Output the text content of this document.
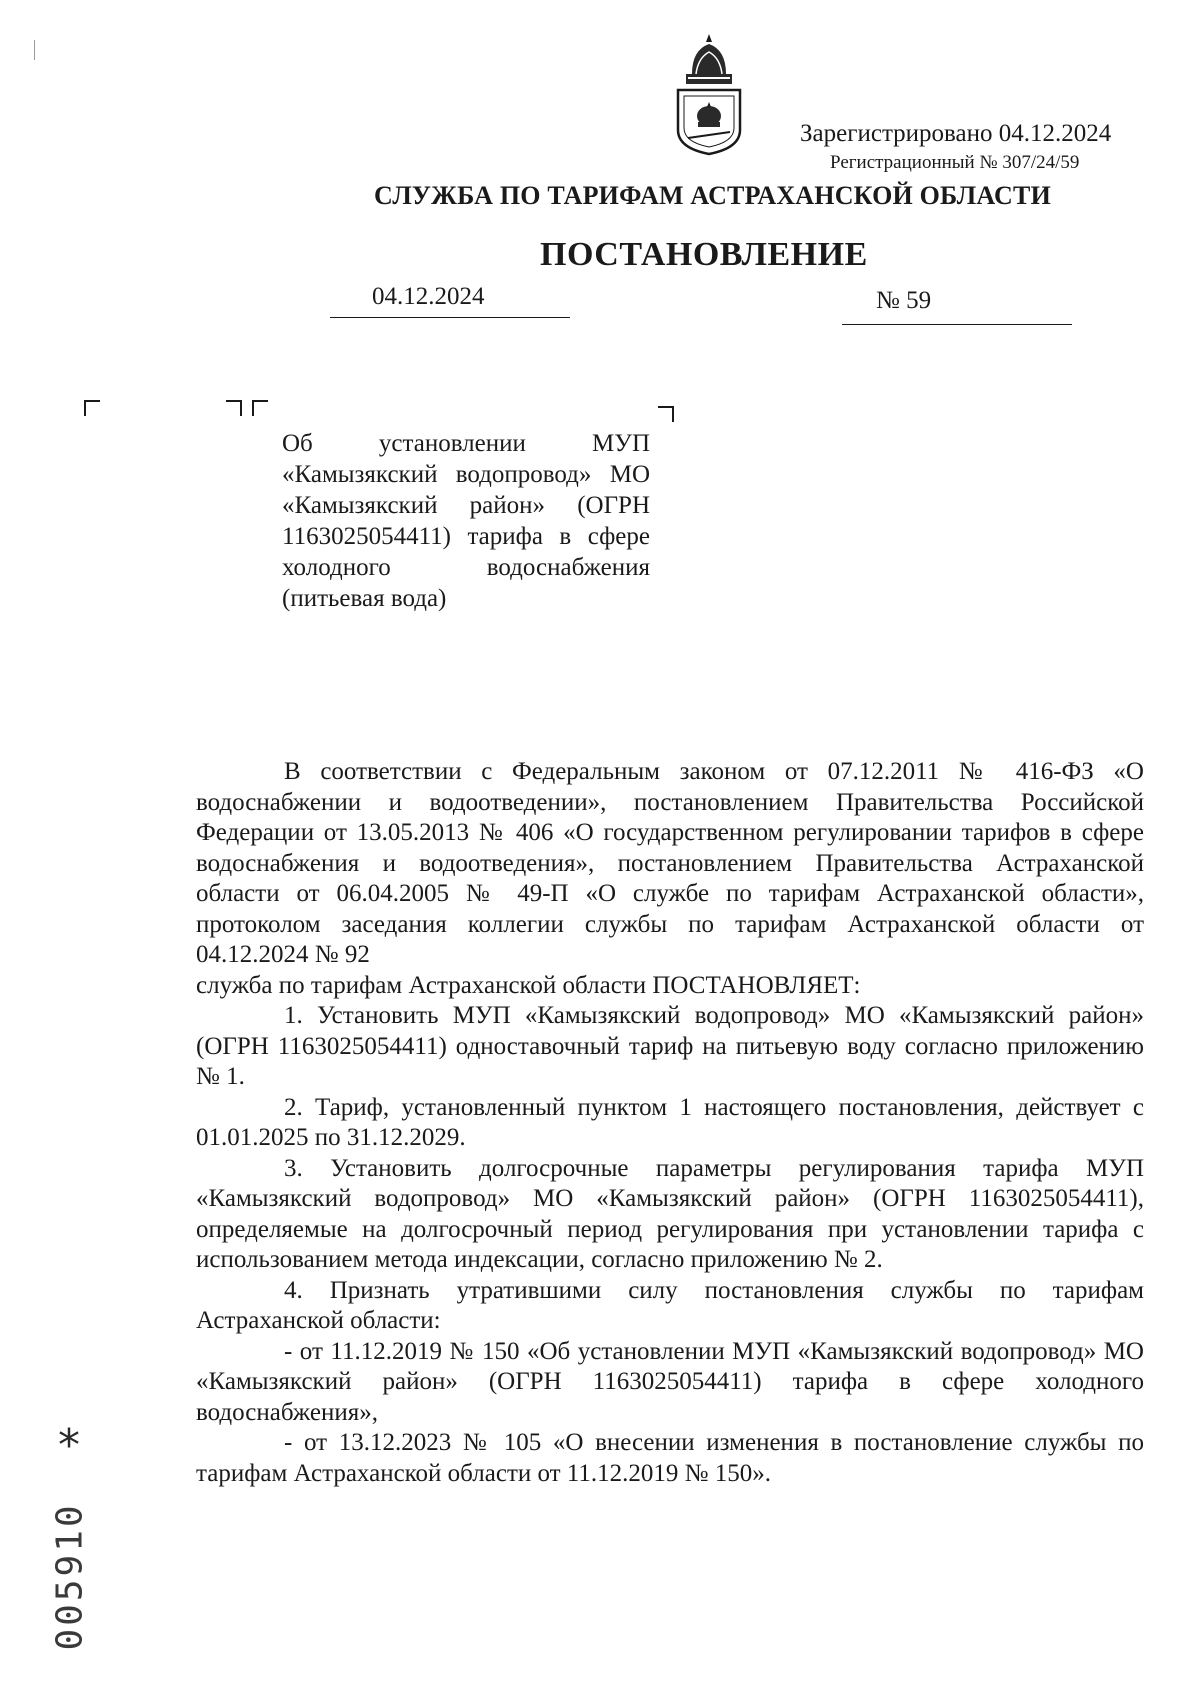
Зарегистрировано 04.12.2024
Регистрационный № 307/24/59
СЛУЖБА ПО ТАРИФАМ АСТРАХАНСКОЙ ОБЛАСТИ
ПОСТАНОВЛЕНИЕ
04.12.2024	№ 59
Об установлении МУП «Камызякский водопровод» МО «Камызякский район» (ОГРН 1163025054411) тарифа в сфере холодного водоснабжения (питьевая вода)

В соответствии с Федеральным законом от 07.12.2011 № 416-ФЗ «О водоснабжении и водоотведении», постановлением Правительства Российской Федерации от 13.05.2013 № 406 «О государственном регулировании тарифов в сфере водоснабжения и водоотведения», постановлением Правительства Астраханской области от 06.04.2005 № 49-П «О службе по тарифам Астраханской области», протоколом заседания коллегии службы по тарифам Астраханской области от 04.12.2024 № 92

служба по тарифам Астраханской области ПОСТАНОВЛЯЕТ:

1. Установить МУП «Камызякский водопровод» МО «Камызякский район» (ОГРН 1163025054411) одноставочный тариф на питьевую воду согласно приложению № 1.

2. Тариф, установленный пунктом 1 настоящего постановления, действует с 01.01.2025 по 31.12.2029.

3. Установить долгосрочные параметры регулирования тарифа МУП «Камызякский водопровод» МО «Камызякский район» (ОГРН 1163025054411), определяемые на долгосрочный период регулирования при установлении тарифа с использованием метода индексации, согласно приложению № 2.

4. Признать утратившими силу постановления службы по тарифам Астраханской области:

- от 11.12.2019 № 150 «Об установлении МУП «Камызякский водопровод» МО «Камызякский район» (ОГРН 1163025054411) тарифа в сфере холодного водоснабжения»,

- от 13.12.2023 № 105 «О внесении изменения в постановление службы по тарифам Астраханской области от 11.12.2019 № 150».

*
005910
